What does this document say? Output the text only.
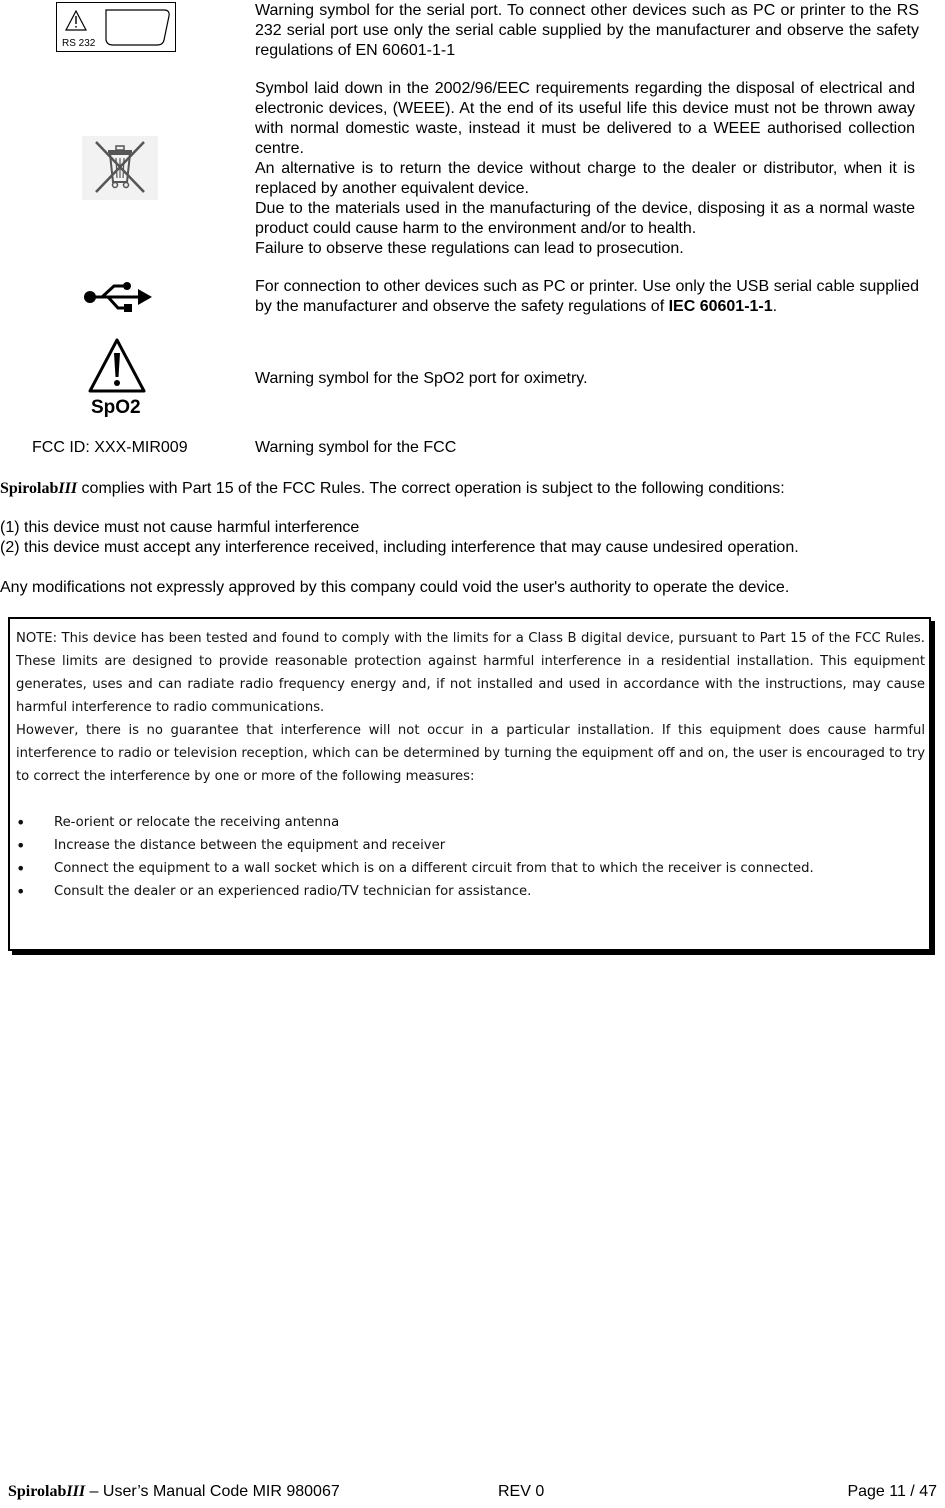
RS 232
Warning symbol for the serial port. To connect other devices such as PC or printer to the RS 232 serial port use only the serial cable supplied by the manufacturer and observe the safety regulations of EN 60601-1-1
Symbol laid down in the 2002/96/EEC requirements regarding the disposal of electrical and electronic devices, (WEEE). At the end of its useful life this device must not be thrown away with normal domestic waste, instead it must be delivered to a WEEE authorised collection centre.
An alternative is to return the device without charge to the dealer or distributor, when it is replaced by another equivalent device.
Due to the materials used in the manufacturing of the device, disposing it as a normal waste product could cause harm to the environment and/or to health.
Failure to observe these regulations can lead to prosecution.
For connection to other devices such as PC or printer. Use only the USB serial cable supplied by the manufacturer and observe the safety regulations of IEC 60601-1-1.
SpO2
Warning symbol for the SpO2 port for oximetry.
FCC ID: XXX-MIR009	Warning symbol for the FCC
SpirolabIII complies with Part 15 of the FCC Rules. The correct operation is subject to the following conditions:
(1) this device must not cause harmful interference
(2) this device must accept any interference received, including interference that may cause undesired operation.
Any modifications not expressly approved by this company could void the user's authority to operate the device.

NOTE: This device has been tested and found to comply with the limits for a Class B digital device, pursuant to Part 15 of the FCC Rules. These limits are designed to provide reasonable protection against harmful interference in a residential installation. This equipment generates, uses and can radiate radio frequency energy and, if not installed and used in accordance with the instructions, may cause harmful interference to radio communications.

However, there is no guarantee that interference will not occur in a particular installation. If this equipment does cause harmful interference to radio or television reception, which can be determined by turning the equipment off and on, the user is encouraged to try to correct the interference by one or more of the following measures:

• Re-orient or relocate the receiving antenna
• Increase the distance between the equipment and receiver
• Connect the equipment to a wall socket which is on a different circuit from that to which the receiver is connected.
• Consult the dealer or an experienced radio/TV technician for assistance.
SpirolabIII – User’s Manual Code MIR 980067	REV 0	Page 11 / 47
